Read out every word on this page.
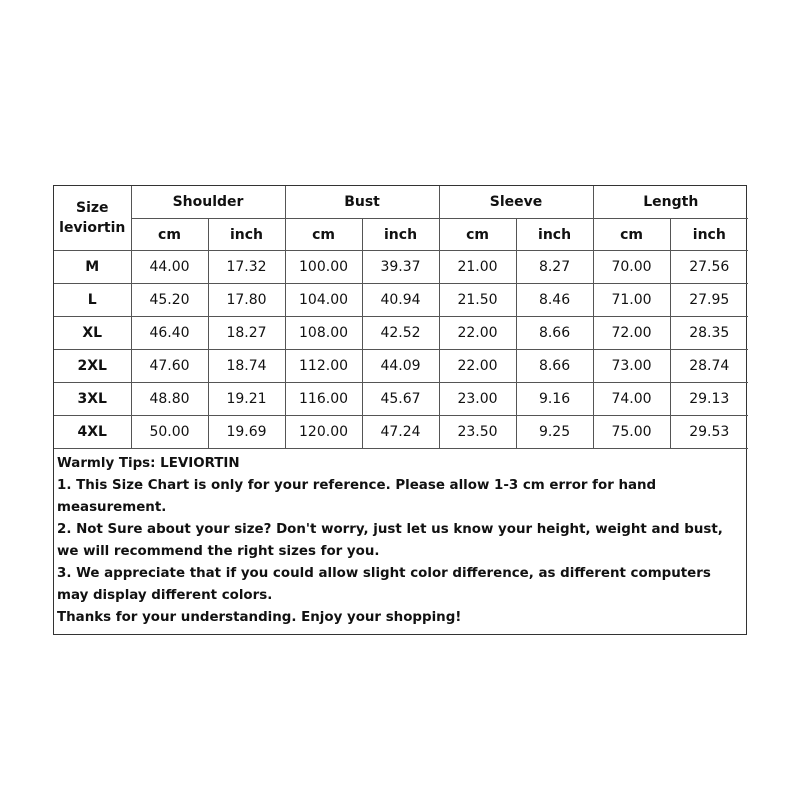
Size
leviortin	Shoulder		Bust		Sleeve		Length	
	cm	inch	cm	inch	cm	inch	cm	inch
M	44.00	17.32	100.00	39.37	21.00	8.27	70.00	27.56
L	45.20	17.80	104.00	40.94	21.50	8.46	71.00	27.95
XL	46.40	18.27	108.00	42.52	22.00	8.66	72.00	28.35
2XL	47.60	18.74	112.00	44.09	22.00	8.66	73.00	28.74
3XL	48.80	19.21	116.00	45.67	23.00	9.16	74.00	29.13
4XL	50.00	19.69	120.00	47.24	23.50	9.25	75.00	29.53
Warmly Tips: LEVIORTIN
1. This Size Chart is only for your reference. Please allow 1-3 cm error for hand measurement.
2. Not Sure about your size? Don't worry, just let us know your height, weight and bust, we will recommend the right sizes for you.
3. We appreciate that if you could allow slight color difference, as different computers may display different colors.
Thanks for your understanding. Enjoy your shopping!
